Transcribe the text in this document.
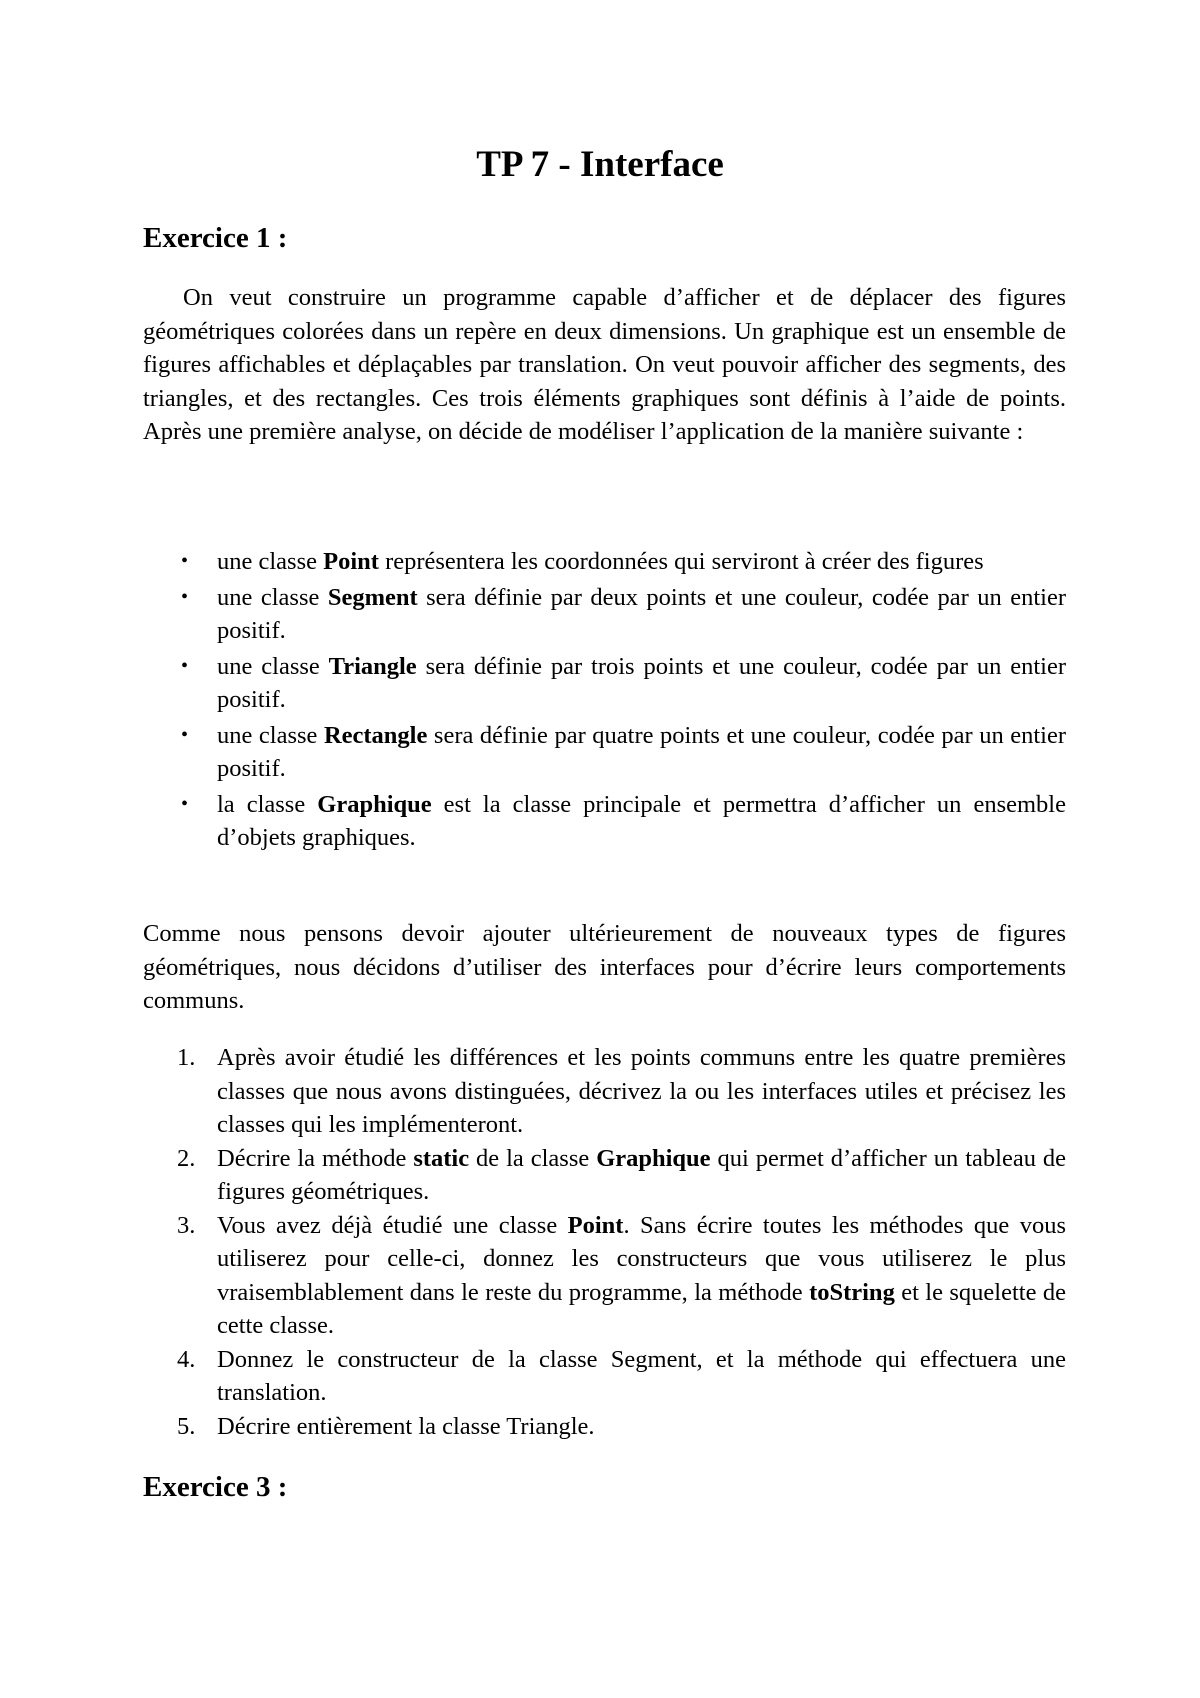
TP 7 - Interface
Exercice 1 :

On veut construire un programme capable d’afficher et de déplacer des figures géométriques colorées dans un repère en deux dimensions. Un graphique est un ensemble de figures affichables et déplaçables par translation. On veut pouvoir afficher des segments, des triangles, et des rectangles. Ces trois éléments graphiques sont définis à l’aide de points. Après une première analyse, on décide de modéliser l’application de la manière suivante :

• une classe Point représentera les coordonnées qui serviront à créer des figures
• une classe Segment sera définie par deux points et une couleur, codée par un entier positif.
• une classe Triangle sera définie par trois points et une couleur, codée par un entier positif.
• une classe Rectangle sera définie par quatre points et une couleur, codée par un entier positif.
• la classe Graphique est la classe principale et permettra d’afficher un ensemble d’objets graphiques.

Comme nous pensons devoir ajouter ultérieurement de nouveaux types de figures géométriques, nous décidons d’utiliser des interfaces pour d’écrire leurs comportements communs.

1. Après avoir étudié les différences et les points communs entre les quatre premières classes que nous avons distinguées, décrivez la ou les interfaces utiles et précisez les classes qui les implémenteront.
2. Décrire la méthode static de la classe Graphique qui permet d’afficher un tableau de figures géométriques.
3. Vous avez déjà étudié une classe Point. Sans écrire toutes les méthodes que vous utiliserez pour celle-ci, donnez les constructeurs que vous utiliserez le plus vraisemblablement dans le reste du programme, la méthode toString et le squelette de cette classe.
4. Donnez le constructeur de la classe Segment, et la méthode qui effectuera une translation.
5. Décrire entièrement la classe Triangle.
Exercice 3 :
